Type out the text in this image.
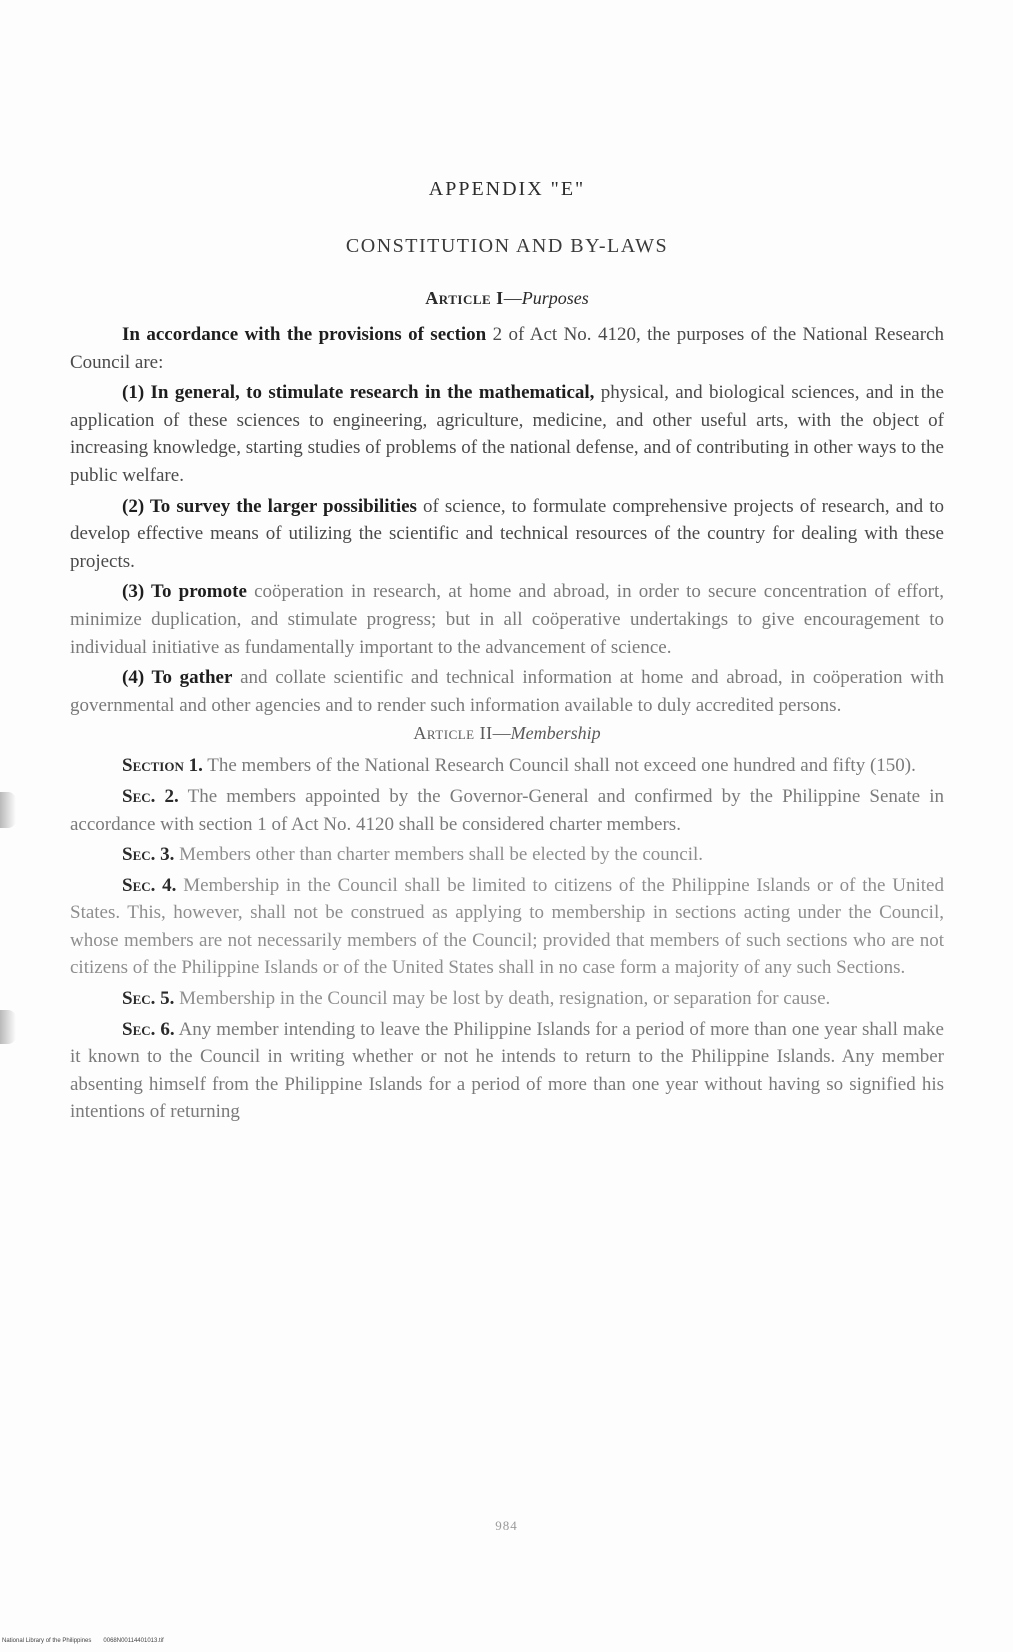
APPENDIX "E"
CONSTITUTION AND BY-LAWS
Article I—Purposes

In accordance with the provisions of section 2 of Act No. 4120, the purposes of the National Research Council are:

(1) In general, to stimulate research in the mathematical, physical, and biological sciences, and in the application of these sciences to engineering, agriculture, medicine, and other useful arts, with the object of increasing knowledge, starting studies of problems of the national defense, and of contributing in other ways to the public welfare.

(2) To survey the larger possibilities of science, to formulate comprehensive projects of research, and to develop effective means of utilizing the scientific and technical resources of the country for dealing with these projects.

(3) To promote coöperation in research, at home and abroad, in order to secure concentration of effort, minimize duplication, and stimulate progress; but in all coöperative undertakings to give encouragement to individual initiative as fundamentally important to the advancement of science.

(4) To gather and collate scientific and technical information at home and abroad, in coöperation with governmental and other agencies and to render such information available to duly accredited persons.

Article II—Membership

Section 1. The members of the National Research Council shall not exceed one hundred and fifty (150).

Sec. 2. The members appointed by the Governor-General and confirmed by the Philippine Senate in accordance with section 1 of Act No. 4120 shall be considered charter members.

Sec. 3. Members other than charter members shall be elected by the council.

Sec. 4. Membership in the Council shall be limited to citizens of the Philippine Islands or of the United States. This, however, shall not be construed as applying to membership in sections acting under the Council, whose members are not necessarily members of the Council; provided that members of such sections who are not citizens of the Philippine Islands or of the United States shall in no case form a majority of any such Sections.

Sec. 5. Membership in the Council may be lost by death, resignation, or separation for cause.

Sec. 6. Any member intending to leave the Philippine Islands for a period of more than one year shall make it known to the Council in writing whether or not he intends to return to the Philippine Islands. Any member absenting himself from the Philippine Islands for a period of more than one year without having so signified his intentions of returning

984
National Library of the Philippines 0068N00114401013.tif
